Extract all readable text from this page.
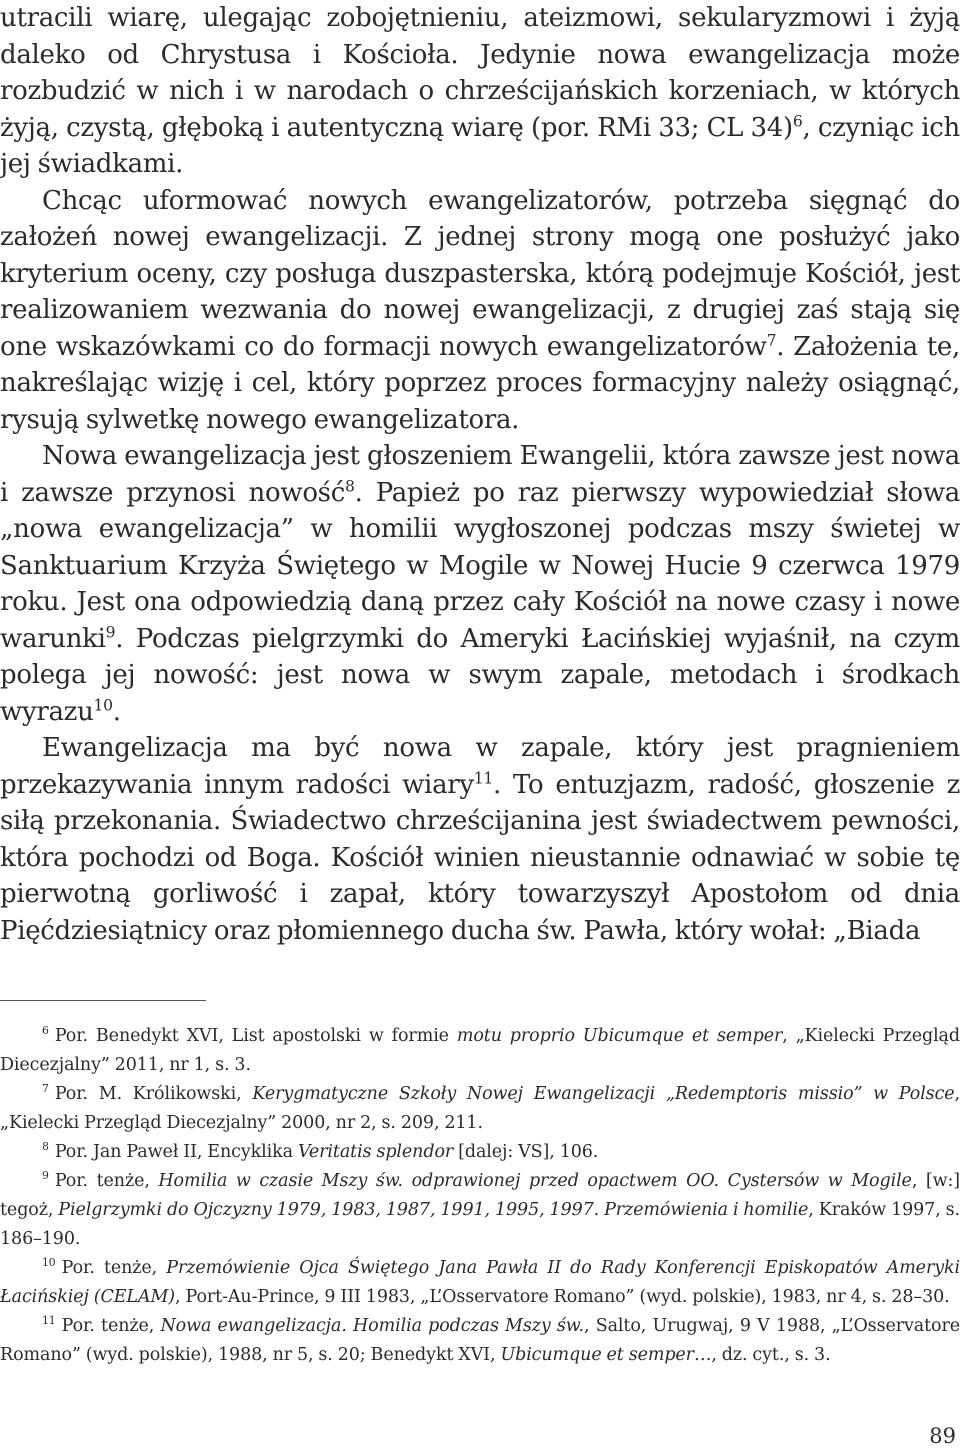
utracili wiarę, ulegając zobojętnieniu, ateizmowi, sekularyzmowi i żyją daleko od Chrystusa i Kościoła. Jedynie nowa ewangelizacja może rozbudzić w nich i w narodach o chrześcijańskich korzeniach, w których żyją, czystą, głęboką i autentyczną wiarę (por. RMi 33; CL 34)$^6$, czyniąc ich jej świadkami.

Chcąc uformować nowych ewangelizatorów, potrzeba sięgnąć do założeń nowej ewangelizacji. Z jednej strony mogą one posłużyć jako kryterium oceny, czy posługa duszpasterska, którą podejmuje Kościół, jest realizowaniem wezwania do nowej ewangelizacji, z drugiej zaś stają się one wskazówkami co do formacji nowych ewangelizatorów$^7$. Założenia te, nakreślając wizję i cel, który poprzez proces formacyjny należy osiągnąć, rysują sylwetkę nowego ewangelizatora.

Nowa ewangelizacja jest głoszeniem Ewangelii, która zawsze jest nowa i zawsze przynosi nowość$^8$. Papież po raz pierwszy wypowiedział słowa „nowa ewangelizacja” w homilii wygłoszonej podczas mszy świetej w Sanktuarium Krzyża Świętego w Mogile w Nowej Hucie 9 czerwca 1979 roku. Jest ona odpowiedzią daną przez cały Kościół na nowe czasy i nowe warunki$^9$. Podczas pielgrzymki do Ameryki Łacińskiej wyjaśnił, na czym polega jej nowość: jest nowa w swym zapale, metodach i środkach wyrazu$^{10}$.

Ewangelizacja ma być nowa w zapale, który jest pragnieniem przekazywania innym radości wiary$^{11}$. To entuzjazm, radość, głoszenie z siłą przekonania. Świadectwo chrześcijanina jest świadectwem pewności, która pochodzi od Boga. Kościół winien nieustannie odnawiać w sobie tę pierwotną gorliwość i zapał, który towarzyszył Apostołom od dnia Pięćdziesiątnicy oraz płomiennego ducha św. Pawła, który wołał: „Biada

$^6$ Por. Benedykt XVI, List apostolski w formie motu proprio Ubicumque et semper, „Kielecki Przegląd Diecezjalny” 2011, nr 1, s. 3.

$^7$ Por. M. Królikowski, Kerygmatyczne Szkoły Nowej Ewangelizacji „Redemptoris missio” w Polsce, „Kielecki Przegląd Diecezjalny” 2000, nr 2, s. 209, 211.

$^8$ Por. Jan Paweł II, Encyklika Veritatis splendor [dalej: VS], 106.

$^9$ Por. tenże, Homilia w czasie Mszy św. odprawionej przed opactwem OO. Cystersów w Mogile, [w:] tegoż, Pielgrzymki do Ojczyzny 1979, 1983, 1987, 1991, 1995, 1997. Przemówienia i homilie, Kraków 1997, s. 186–190.

$^{10}$ Por. tenże, Przemówienie Ojca Świętego Jana Pawła II do Rady Konferencji Episkopatów Ameryki Łacińskiej (CELAM), Port-Au-Prince, 9 III 1983, „L’Osservatore Romano” (wyd. polskie), 1983, nr 4, s. 28–30.

$^{11}$ Por. tenże, Nowa ewangelizacja. Homilia podczas Mszy św., Salto, Urugwaj, 9 V 1988, „L’Osservatore Romano” (wyd. polskie), 1988, nr 5, s. 20; Benedykt XVI, Ubicumque et semper…, dz. cyt., s. 3.

89
